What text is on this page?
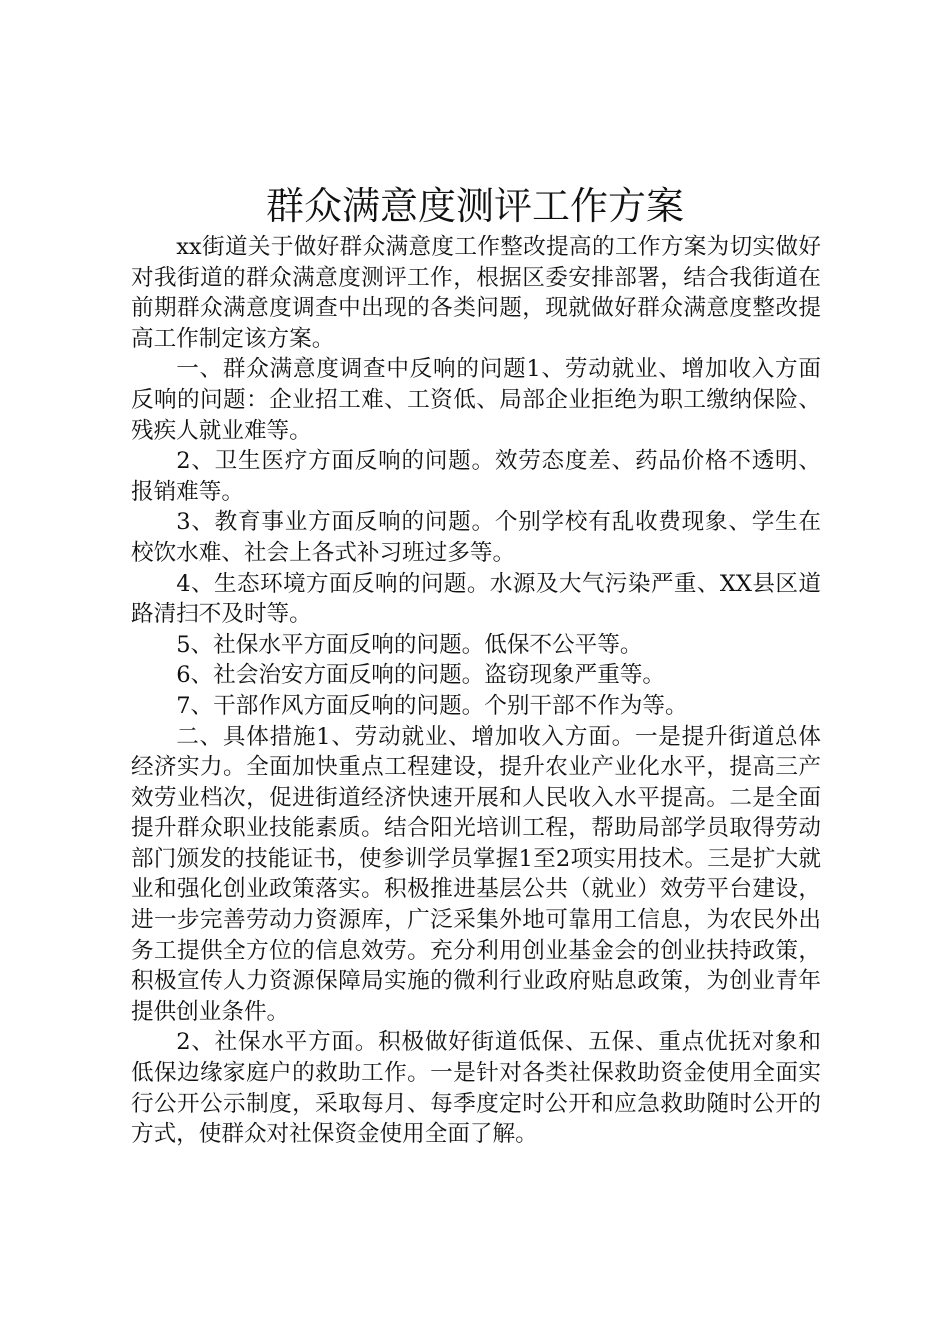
群众满意度测评工作方案

xx街道关于做好群众满意度工作整改提高的工作方案为切实做好对我街道的群众满意度测评工作，根据区委安排部署，结合我街道在前期群众满意度调查中出现的各类问题，现就做好群众满意度整改提高工作制定该方案。

一、群众满意度调查中反响的问题1、劳动就业、增加收入方面反响的问题：企业招工难、工资低、局部企业拒绝为职工缴纳保险、残疾人就业难等。

2、卫生医疗方面反响的问题。效劳态度差、药品价格不透明、报销难等。

3、教育事业方面反响的问题。个别学校有乱收费现象、学生在校饮水难、社会上各式补习班过多等。

4、生态环境方面反响的问题。水源及大气污染严重、XX县区道路清扫不及时等。

5、社保水平方面反响的问题。低保不公平等。

6、社会治安方面反响的问题。盗窃现象严重等。

7、干部作风方面反响的问题。个别干部不作为等。

二、具体措施1、劳动就业、增加收入方面。一是提升街道总体经济实力。全面加快重点工程建设，提升农业产业化水平，提高三产效劳业档次，促进街道经济快速开展和人民收入水平提高。二是全面提升群众职业技能素质。结合阳光培训工程，帮助局部学员取得劳动部门颁发的技能证书，使参训学员掌握1至2项实用技术。三是扩大就业和强化创业政策落实。积极推进基层公共（就业）效劳平台建设，进一步完善劳动力资源库，广泛采集外地可靠用工信息，为农民外出务工提供全方位的信息效劳。充分利用创业基金会的创业扶持政策，积极宣传人力资源保障局实施的微利行业政府贴息政策，为创业青年提供创业条件。

2、社保水平方面。积极做好街道低保、五保、重点优抚对象和低保边缘家庭户的救助工作。一是针对各类社保救助资金使用全面实行公开公示制度，采取每月、每季度定时公开和应急救助随时公开的方式，使群众对社保资金使用全面了解。
